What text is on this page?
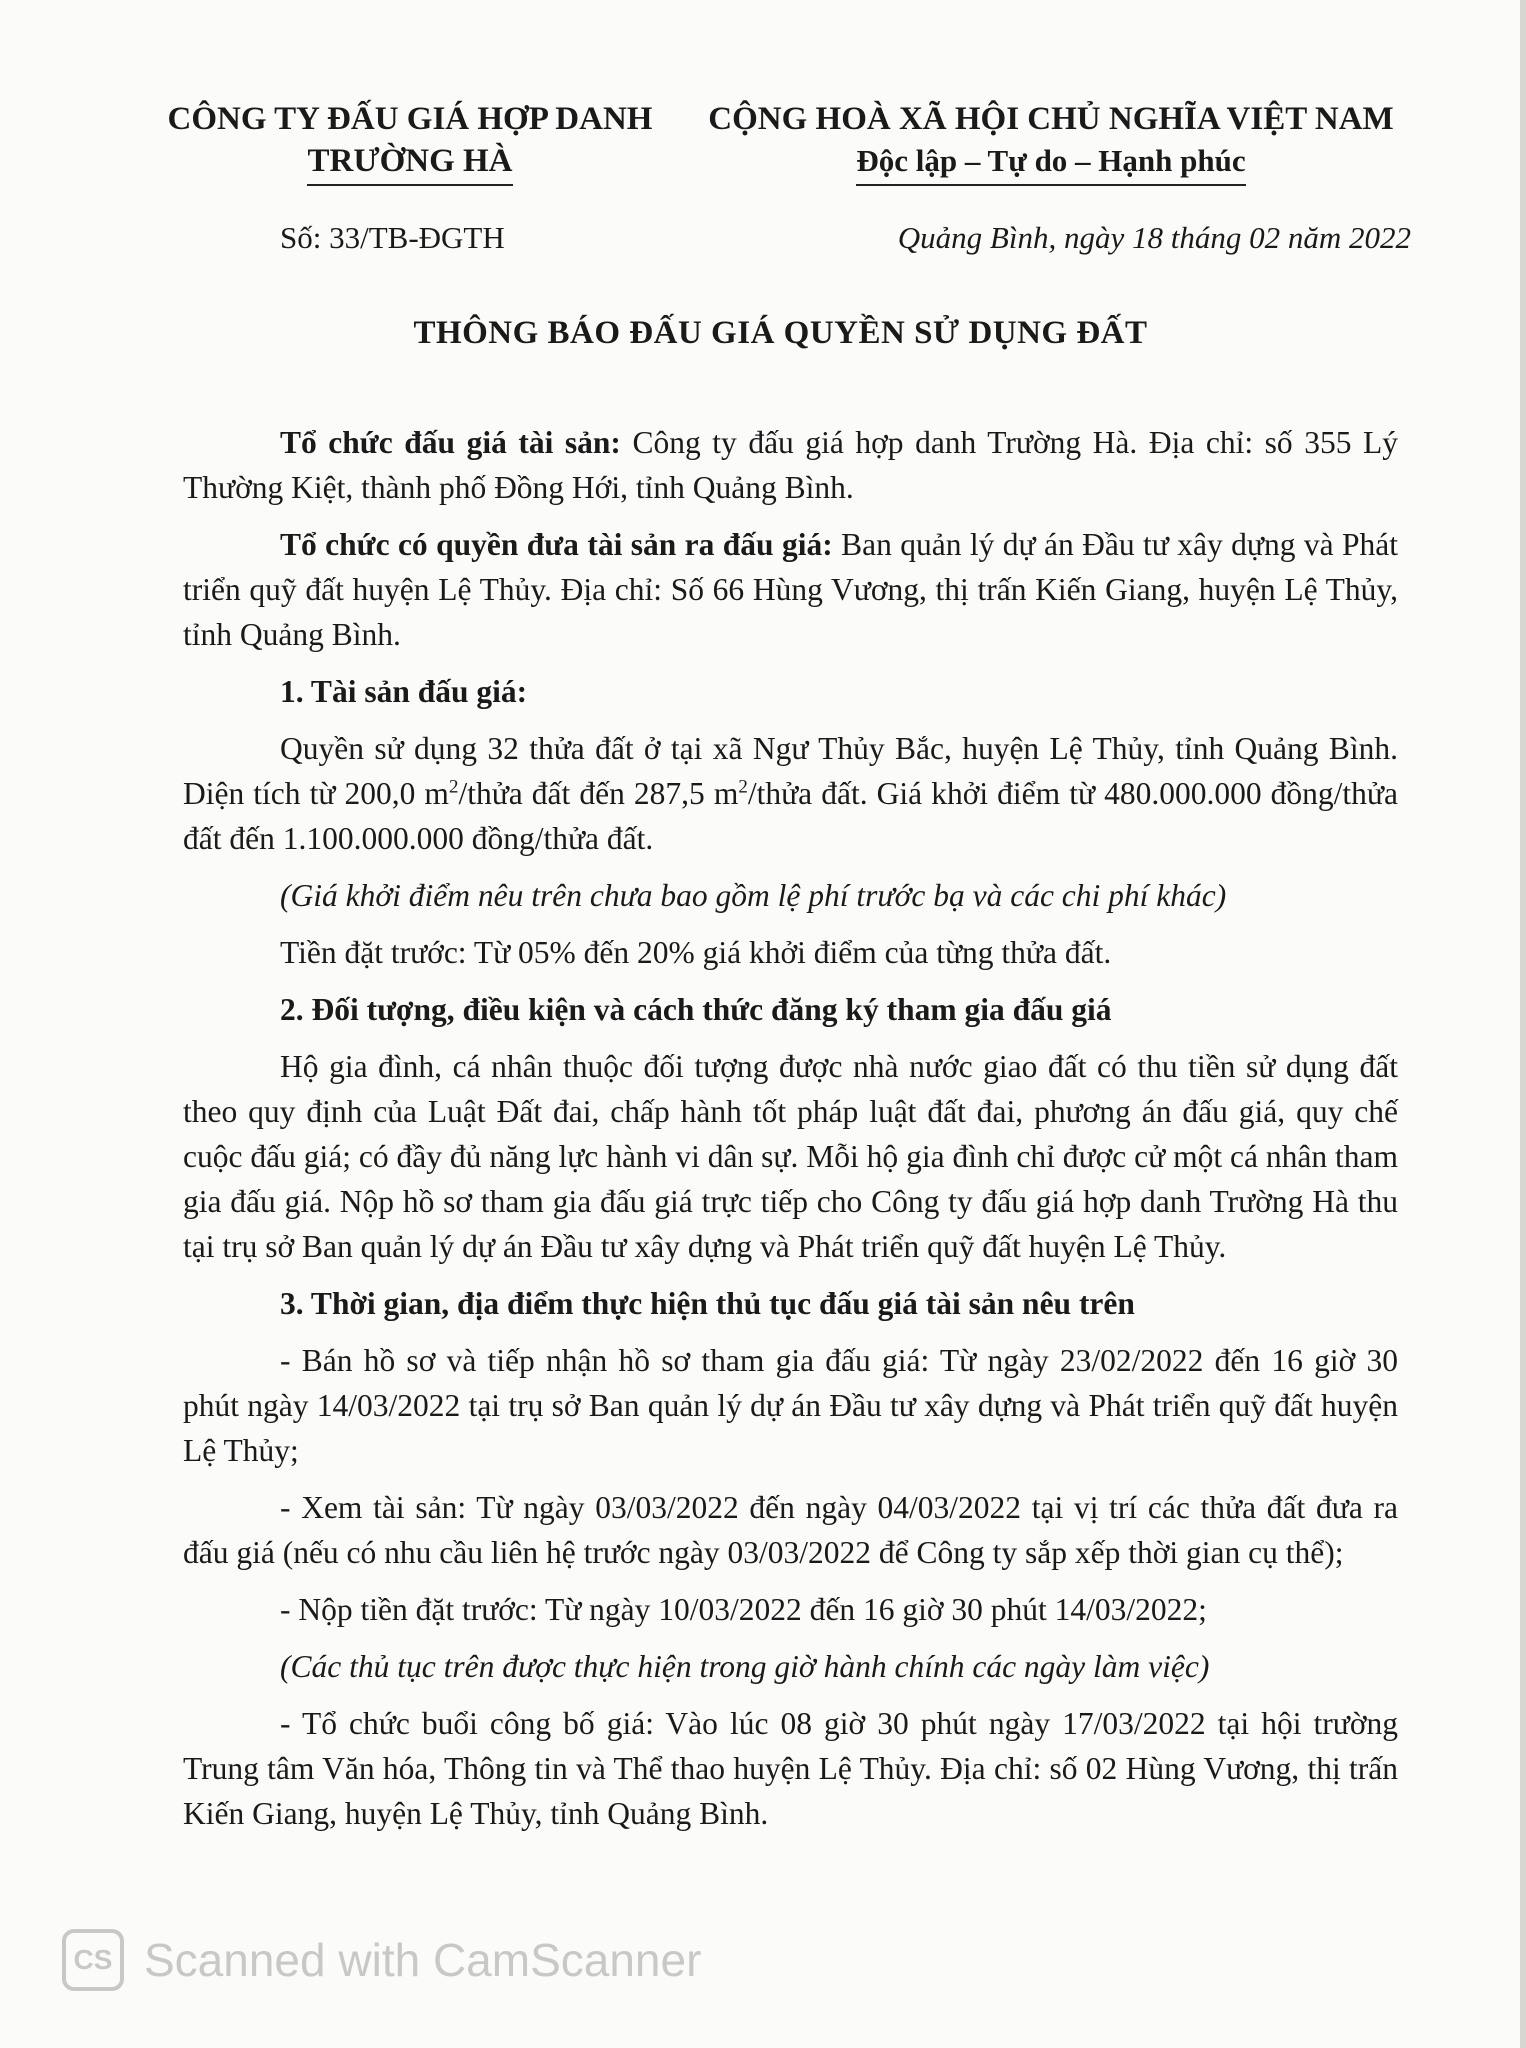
CÔNG TY ĐẤU GIÁ HỢP DANH
TRƯỜNG HÀ
CỘNG HOÀ XÃ HỘI CHỦ NGHĨA VIỆT NAM
Độc lập – Tự do – Hạnh phúc
Số: 33/TB-ĐGTH	Quảng Bình, ngày 18 tháng 02 năm 2022
THÔNG BÁO ĐẤU GIÁ QUYỀN SỬ DỤNG ĐẤT

Tổ chức đấu giá tài sản: Công ty đấu giá hợp danh Trường Hà. Địa chỉ: số 355 Lý Thường Kiệt, thành phố Đồng Hới, tỉnh Quảng Bình.

Tổ chức có quyền đưa tài sản ra đấu giá: Ban quản lý dự án Đầu tư xây dựng và Phát triển quỹ đất huyện Lệ Thủy. Địa chỉ: Số 66 Hùng Vương, thị trấn Kiến Giang, huyện Lệ Thủy, tỉnh Quảng Bình.

1. Tài sản đấu giá:

Quyền sử dụng 32 thửa đất ở tại xã Ngư Thủy Bắc, huyện Lệ Thủy, tỉnh Quảng Bình. Diện tích từ 200,0 $m^2$/thửa đất đến 287,5 $m^2$/thửa đất. Giá khởi điểm từ 480.000.000 đồng/thửa đất đến 1.100.000.000 đồng/thửa đất.

(Giá khởi điểm nêu trên chưa bao gồm lệ phí trước bạ và các chi phí khác)

Tiền đặt trước: Từ 05% đến 20% giá khởi điểm của từng thửa đất.

2. Đối tượng, điều kiện và cách thức đăng ký tham gia đấu giá

Hộ gia đình, cá nhân thuộc đối tượng được nhà nước giao đất có thu tiền sử dụng đất theo quy định của Luật Đất đai, chấp hành tốt pháp luật đất đai, phương án đấu giá, quy chế cuộc đấu giá; có đầy đủ năng lực hành vi dân sự. Mỗi hộ gia đình chỉ được cử một cá nhân tham gia đấu giá. Nộp hồ sơ tham gia đấu giá trực tiếp cho Công ty đấu giá hợp danh Trường Hà thu tại trụ sở Ban quản lý dự án Đầu tư xây dựng và Phát triển quỹ đất huyện Lệ Thủy.

3. Thời gian, địa điểm thực hiện thủ tục đấu giá tài sản nêu trên

- Bán hồ sơ và tiếp nhận hồ sơ tham gia đấu giá: Từ ngày 23/02/2022 đến 16 giờ 30 phút ngày 14/03/2022 tại trụ sở Ban quản lý dự án Đầu tư xây dựng và Phát triển quỹ đất huyện Lệ Thủy;

- Xem tài sản: Từ ngày 03/03/2022 đến ngày 04/03/2022 tại vị trí các thửa đất đưa ra đấu giá (nếu có nhu cầu liên hệ trước ngày 03/03/2022 để Công ty sắp xếp thời gian cụ thể);

- Nộp tiền đặt trước: Từ ngày 10/03/2022 đến 16 giờ 30 phút 14/03/2022;

(Các thủ tục trên được thực hiện trong giờ hành chính các ngày làm việc)

- Tổ chức buổi công bố giá: Vào lúc 08 giờ 30 phút ngày 17/03/2022 tại hội trường Trung tâm Văn hóa, Thông tin và Thể thao huyện Lệ Thủy. Địa chỉ: số 02 Hùng Vương, thị trấn Kiến Giang, huyện Lệ Thủy, tỉnh Quảng Bình.

CS Scanned with CamScanner
